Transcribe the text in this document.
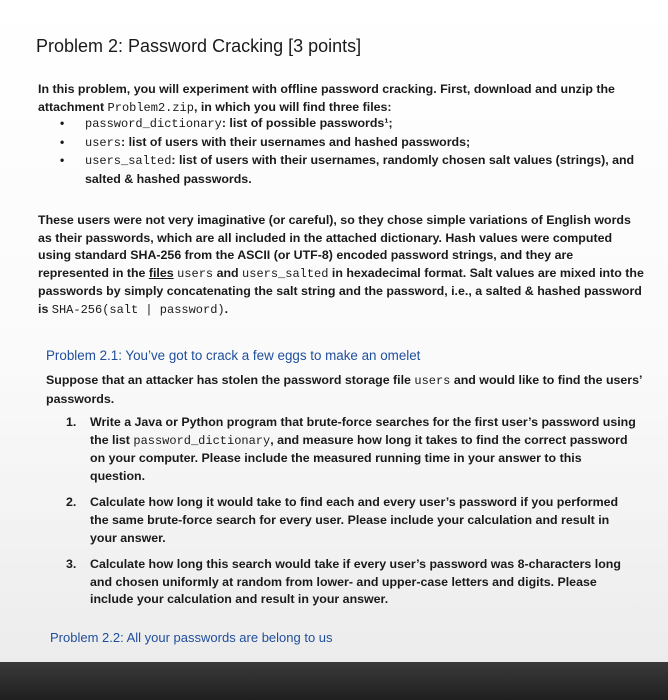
Problem 2: Password Cracking [3 points]
In this problem, you will experiment with offline password cracking. First, download and unzip the attachment Problem2.zip, in which you will find three files:
• password_dictionary: list of possible passwords¹;
• users: list of users with their usernames and hashed passwords;
• users_salted: list of users with their usernames, randomly chosen salt values (strings), and salted & hashed passwords.
These users were not very imaginative (or careful), so they chose simple variations of English words as their passwords, which are all included in the attached dictionary. Hash values were computed using standard SHA-256 from the ASCII (or UTF-8) encoded password strings, and they are represented in the files users and users_salted in hexadecimal format. Salt values are mixed into the passwords by simply concatenating the salt string and the password, i.e., a salted & hashed password is SHA-256(salt | password).
Problem 2.1: You’ve got to crack a few eggs to make an omelet
Suppose that an attacker has stolen the password storage file users and would like to find the users’ passwords.
1. Write a Java or Python program that brute-force searches for the first user’s password using the list password_dictionary, and measure how long it takes to find the correct password on your computer. Please include the measured running time in your answer to this question.
2. Calculate how long it would take to find each and every user’s password if you performed the same brute-force search for every user. Please include your calculation and result in your answer.
3. Calculate how long this search would take if every user’s password was 8-characters long and chosen uniformly at random from lower- and upper-case letters and digits. Please include your calculation and result in your answer.
Problem 2.2: All your passwords are belong to us
